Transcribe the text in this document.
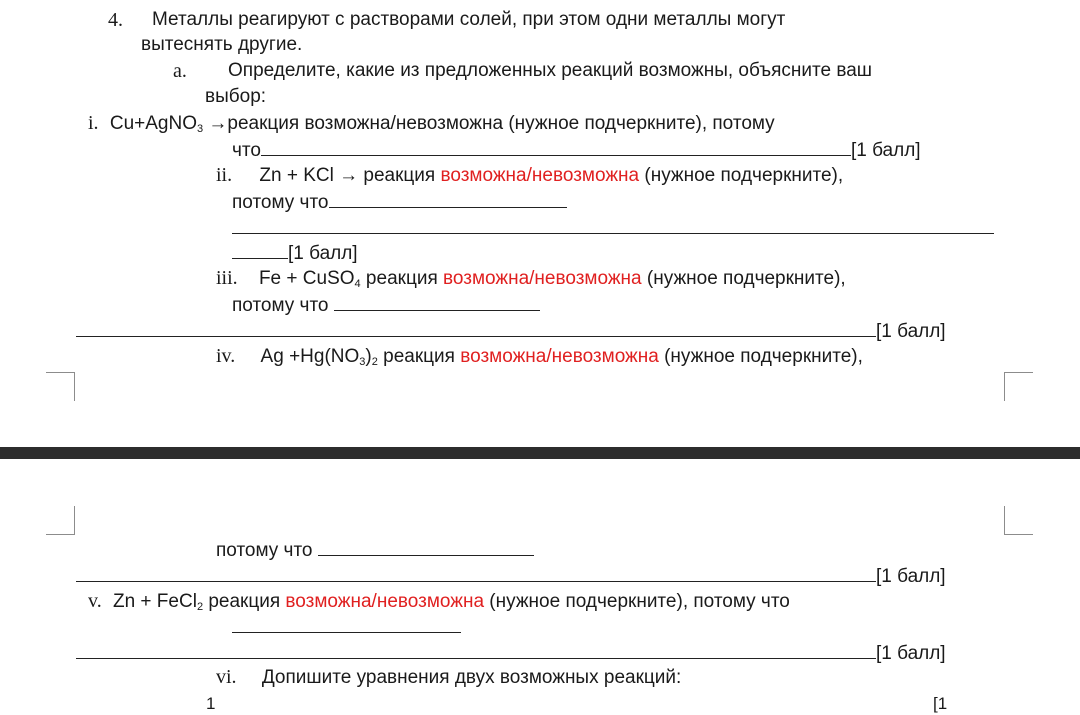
4. Металлы реагируют с растворами солей, при этом одни металлы могут
вытеснять другие.
a. Определите, какие из предложенных реакций возможны, объясните ваш
выбор:
i. Cu+AgNO3 →реакция возможна/невозможна (нужное подчеркните), потому
что	[1 балл]
ii. Zn + KCl → реакция возможна/невозможна (нужное подчеркните),
потому что
[1 балл]
iii. Fe + CuSO4 реакция возможна/невозможна (нужное подчеркните),
потому что
[1 балл]
iv. Ag +Hg(NO3)2 реакция возможна/невозможна (нужное подчеркните),
потому что
[1 балл]
v. Zn + FeCl2 реакция возможна/невозможна (нужное подчеркните), потому что
[1 балл]
vi. Допишите уравнения двух возможных реакций:
1	[1
